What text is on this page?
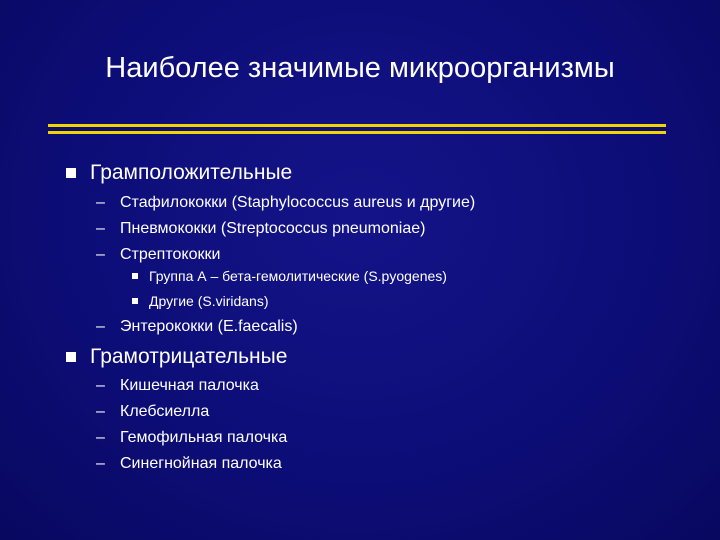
Наиболее значимые микроорганизмы
Грамположительные
– Стафилококки (Staphylococcus aureus и другие)
– Пневмококки (Streptococcus pneumoniae)
– Стрептококки
Группа А – бета-гемолитические (S.pyogenes)
Другие (S.viridans)
– Энтерококки (E.faecalis)
Грамотрицательные
– Кишечная палочка
– Клебсиелла
– Гемофильная палочка
– Синегнойная палочка
